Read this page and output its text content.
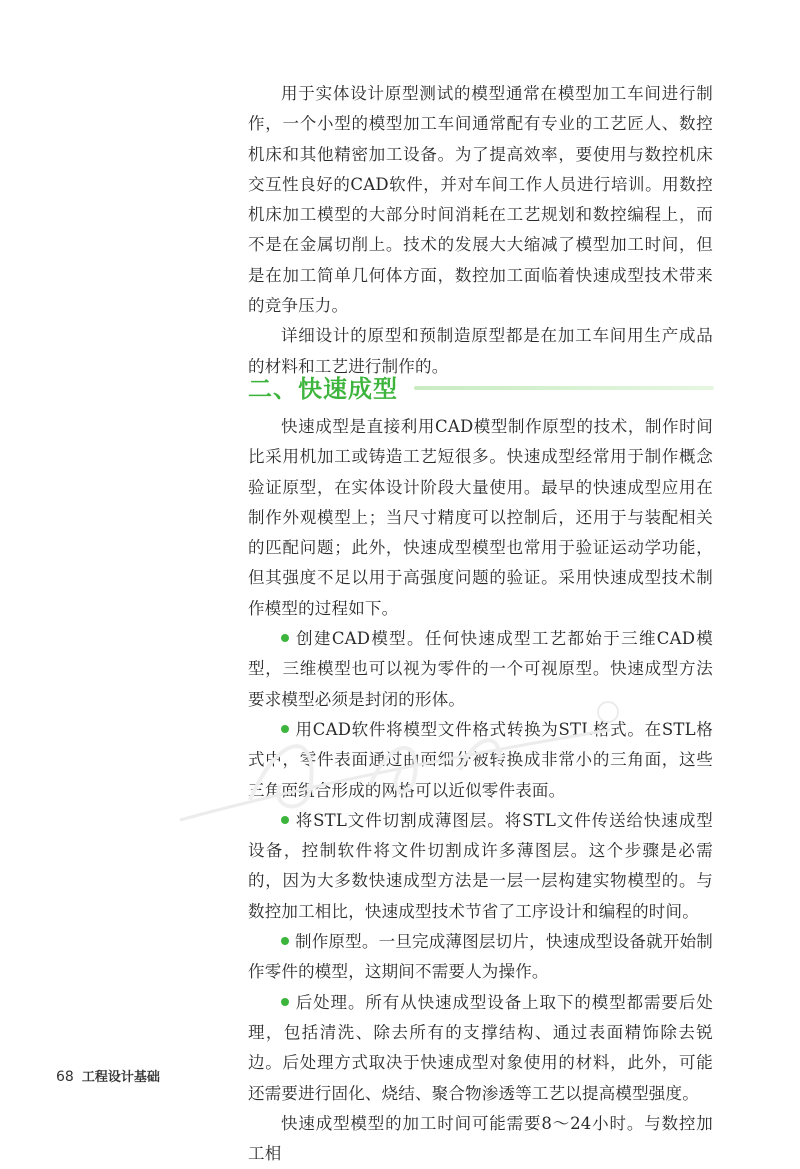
用于实体设计原型测试的模型通常在模型加工车间进行制作，一个小型的模型加工车间通常配有专业的工艺匠人、数控机床和其他精密加工设备。为了提高效率，要使用与数控机床交互性良好的CAD软件，并对车间工作人员进行培训。用数控机床加工模型的大部分时间消耗在工艺规划和数控编程上，而不是在金属切削上。技术的发展大大缩减了模型加工时间，但是在加工简单几何体方面，数控加工面临着快速成型技术带来的竞争压力。

详细设计的原型和预制造原型都是在加工车间用生产成品的材料和工艺进行制作的。

二、快速成型

快速成型是直接利用CAD模型制作原型的技术，制作时间比采用机加工或铸造工艺短很多。快速成型经常用于制作概念验证原型，在实体设计阶段大量使用。最早的快速成型应用在制作外观模型上；当尺寸精度可以控制后，还用于与装配相关的匹配问题；此外，快速成型模型也常用于验证运动学功能，但其强度不足以用于高强度问题的验证。采用快速成型技术制作模型的过程如下。

创建CAD模型。任何快速成型工艺都始于三维CAD模型，三维模型也可以视为零件的一个可视原型。快速成型方法要求模型必须是封闭的形体。

用CAD软件将模型文件格式转换为STL格式。在STL格式中，零件表面通过曲面细分被转换成非常小的三角面，这些三角面组合形成的网格可以近似零件表面。

将STL文件切割成薄图层。将STL文件传送给快速成型设备，控制软件将文件切割成许多薄图层。这个步骤是必需的，因为大多数快速成型方法是一层一层构建实物模型的。与数控加工相比，快速成型技术节省了工序设计和编程的时间。

制作原型。一旦完成薄图层切片，快速成型设备就开始制作零件的模型，这期间不需要人为操作。

后处理。所有从快速成型设备上取下的模型都需要后处理，包括清洗、除去所有的支撑结构、通过表面精饰除去锐边。后处理方式取决于快速成型对象使用的材料，此外，可能还需要进行固化、烧结、聚合物渗透等工艺以提高模型强度。

快速成型模型的加工时间可能需要8～24小时。与数控加工相

68 工程设计基础
